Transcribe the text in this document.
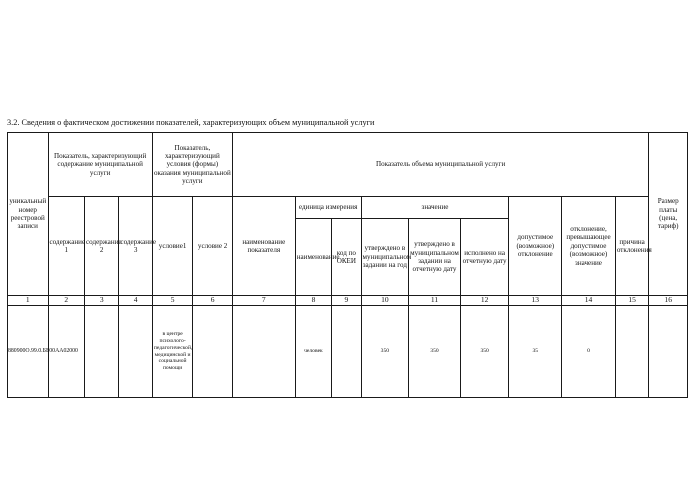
3.2. Сведения о фактическом достижении показателей, характеризующих объем муниципальной услуги
уникальный номер реестровой записи	Показатель, характеризующий содержание муниципальной услуги			Показатель, характеризующий условия (формы) оказания муниципальной услуги		Показатель объема муниципальной услуги									Размер платы (цена, тариф)
	содержание 1	содержание 2	содержание 3	условие1	условие 2	наименование показателя	единица измерения		значение			допустимое (возможное) отклонение	отклонение, превышающее допустимое (возможное) значение	причина отклонения	
							наименование	код по ОКЕИ	утверждено в муниципальном задании на год	утверждено в муниципальном задании на отчетную дату	исполнено на отчетную дату				
1	2	3	4	5	6	7	8	9	10	11	12	13	14	15	16
880900О.99.0.ББ00АА02000				в центре психолого-педагогической, медицинской и социальной помощи			человек		350	350	350	35	0		
